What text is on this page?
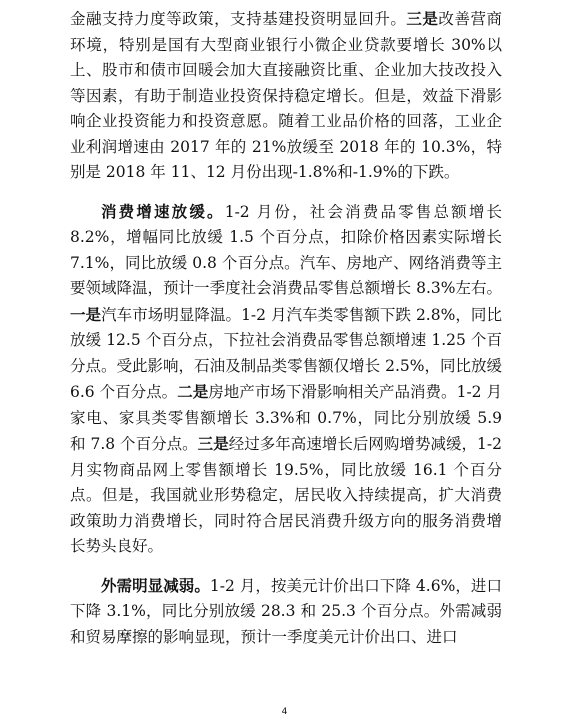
金融支持力度等政策，支持基建投资明显回升。三是改善营商环境，特别是国有大型商业银行小微企业贷款要增长 30%以上、股市和债市回暖会加大直接融资比重、企业加大技改投入等因素，有助于制造业投资保持稳定增长。但是，效益下滑影响企业投资能力和投资意愿。随着工业品价格的回落，工业企业利润增速由 2017 年的 21%放缓至 2018 年的 10.3%，特别是 2018 年 11、12 月份出现-1.8%和-1.9%的下跌。

消费增速放缓。1-2 月份，社会消费品零售总额增长 8.2%，增幅同比放缓 1.5 个百分点，扣除价格因素实际增长 7.1%，同比放缓 0.8 个百分点。汽车、房地产、网络消费等主要领域降温，预计一季度社会消费品零售总额增长 8.3%左右。一是汽车市场明显降温。1-2 月汽车类零售额下跌 2.8%，同比放缓 12.5 个百分点，下拉社会消费品零售总额增速 1.25 个百分点。受此影响，石油及制品类零售额仅增长 2.5%，同比放缓 6.6 个百分点。二是房地产市场下滑影响相关产品消费。1-2 月家电、家具类零售额增长 3.3%和 0.7%，同比分别放缓 5.9 和 7.8 个百分点。三是经过多年高速增长后网购增势减缓，1-2 月实物商品网上零售额增长 19.5%，同比放缓 16.1 个百分点。但是，我国就业形势稳定，居民收入持续提高，扩大消费政策助力消费增长，同时符合居民消费升级方向的服务消费增长势头良好。

外需明显减弱。1-2 月，按美元计价出口下降 4.6%，进口下降 3.1%，同比分别放缓 28.3 和 25.3 个百分点。外需减弱和贸易摩擦的影响显现，预计一季度美元计价出口、进口

4
